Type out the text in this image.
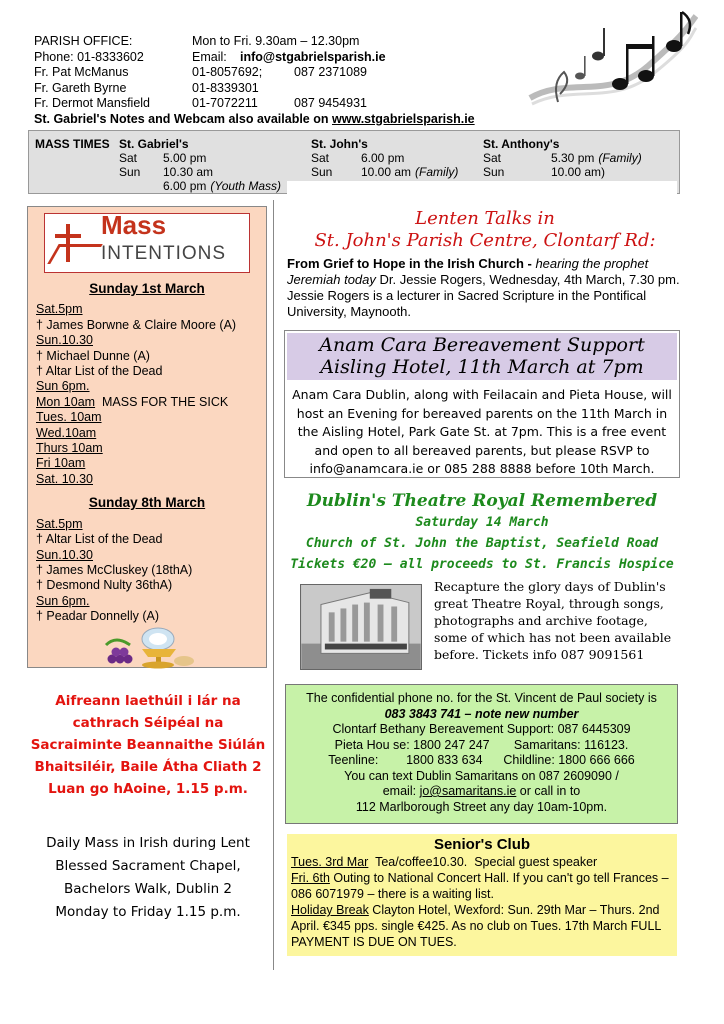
PARISH OFFICE:	Mon to Fri. 9.30am – 12.30pm
Phone: 01-8333602	Email:	info@stgabrielsparish.ie
Fr. Pat McManus	01-8057692;	087 2371089
Fr. Gareth Byrne	01-8339301
Fr. Dermot Mansfield	01-7072211	087 9454931
St. Gabriel's Notes and Webcam also available on www.stgabrielsparish.ie
MASS TIMES St. Gabriel's
Sat	5.00 pm
Sun	10.30 am
6.00 pm (Youth Mass)
St. John's
Sat	6.00 pm
Sun	10.00 am (Family)
St. Anthony's
Sat	5.30 pm (Family)
Sun	10.00 am)
Mass
INTENTIONS
Sunday 1st March
Sat.5pm
† James Borwne & Claire Moore (A)
Sun.10.30
† Michael Dunne (A)
† Altar List of the Dead
Sun 6pm.
Mon 10am  MASS FOR THE SICK
Tues. 10am
Wed.10am
Thurs 10am
Fri 10am
Sat. 10.30
Sunday 8th March
Sat.5pm
† Altar List of the Dead
Sun.10.30
† James McCluskey (18thA)
† Desmond Nulty 36thA)
Sun 6pm.
† Peadar Donnelly (A)
Aifreann laethúil i lár na
cathrach Séipéal na
Sacraiminte Beannaithe Siúlán
Bhaitsiléir, Baile Átha Cliath 2
Luan go hAoine, 1.15 p.m.
Daily Mass in Irish during Lent
Blessed Sacrament Chapel,
Bachelors Walk, Dublin 2
Monday to Friday 1.15 p.m.
Lenten Talks in
St. John's Parish Centre, Clontarf Rd:
From Grief to Hope in the Irish Church - hearing the prophet Jeremiah today Dr. Jessie Rogers, Wednesday, 4th March, 7.30 pm. Jessie Rogers is a lecturer in Sacred Scripture in the Pontifical University, Maynooth.
Anam Cara Bereavement Support
Aisling Hotel, 11th March at 7pm
Anam Cara Dublin, along with Feilacain and Pieta House, will host an Evening for bereaved parents on the 11th March in the Aisling Hotel, Park Gate St. at 7pm. This is a free event and open to all bereaved parents, but please RSVP to info@anamcara.ie or 085 288 8888 before 10th March.
Dublin's Theatre Royal Remembered
Saturday 14 March
Church of St. John the Baptist, Seafield Road
Tickets €20 – all proceeds to St. Francis Hospice
Recapture the glory days of Dublin's great Theatre Royal, through songs, photographs and archive footage, some of which has not been available before. Tickets info 087 9091561
The confidential phone no. for the St. Vincent de Paul society is
083 3843 741 – note new number
Clontarf Bethany Bereavement Support: 087 6445309
Pieta Hou se: 1800 247 247       Samaritans: 116123.
Teenline:        1800 833 634      Childline: 1800 666 666
You can text Dublin Samaritans on 087 2609090 /
email: jo@samaritans.ie or call in to
112 Marlborough Street any day 10am-10pm.
Senior's Club
Tues. 3rd Mar  Tea/coffee10.30.  Special guest speaker
Fri. 6th Outing to National Concert Hall. If you can't go tell Frances – 086 6071979 – there is a waiting list.
Holiday Break Clayton Hotel, Wexford: Sun. 29th Mar – Thurs. 2nd April. €345 pps. single €425. As no club on Tues. 17th March FULL PAYMENT IS DUE ON TUES.
